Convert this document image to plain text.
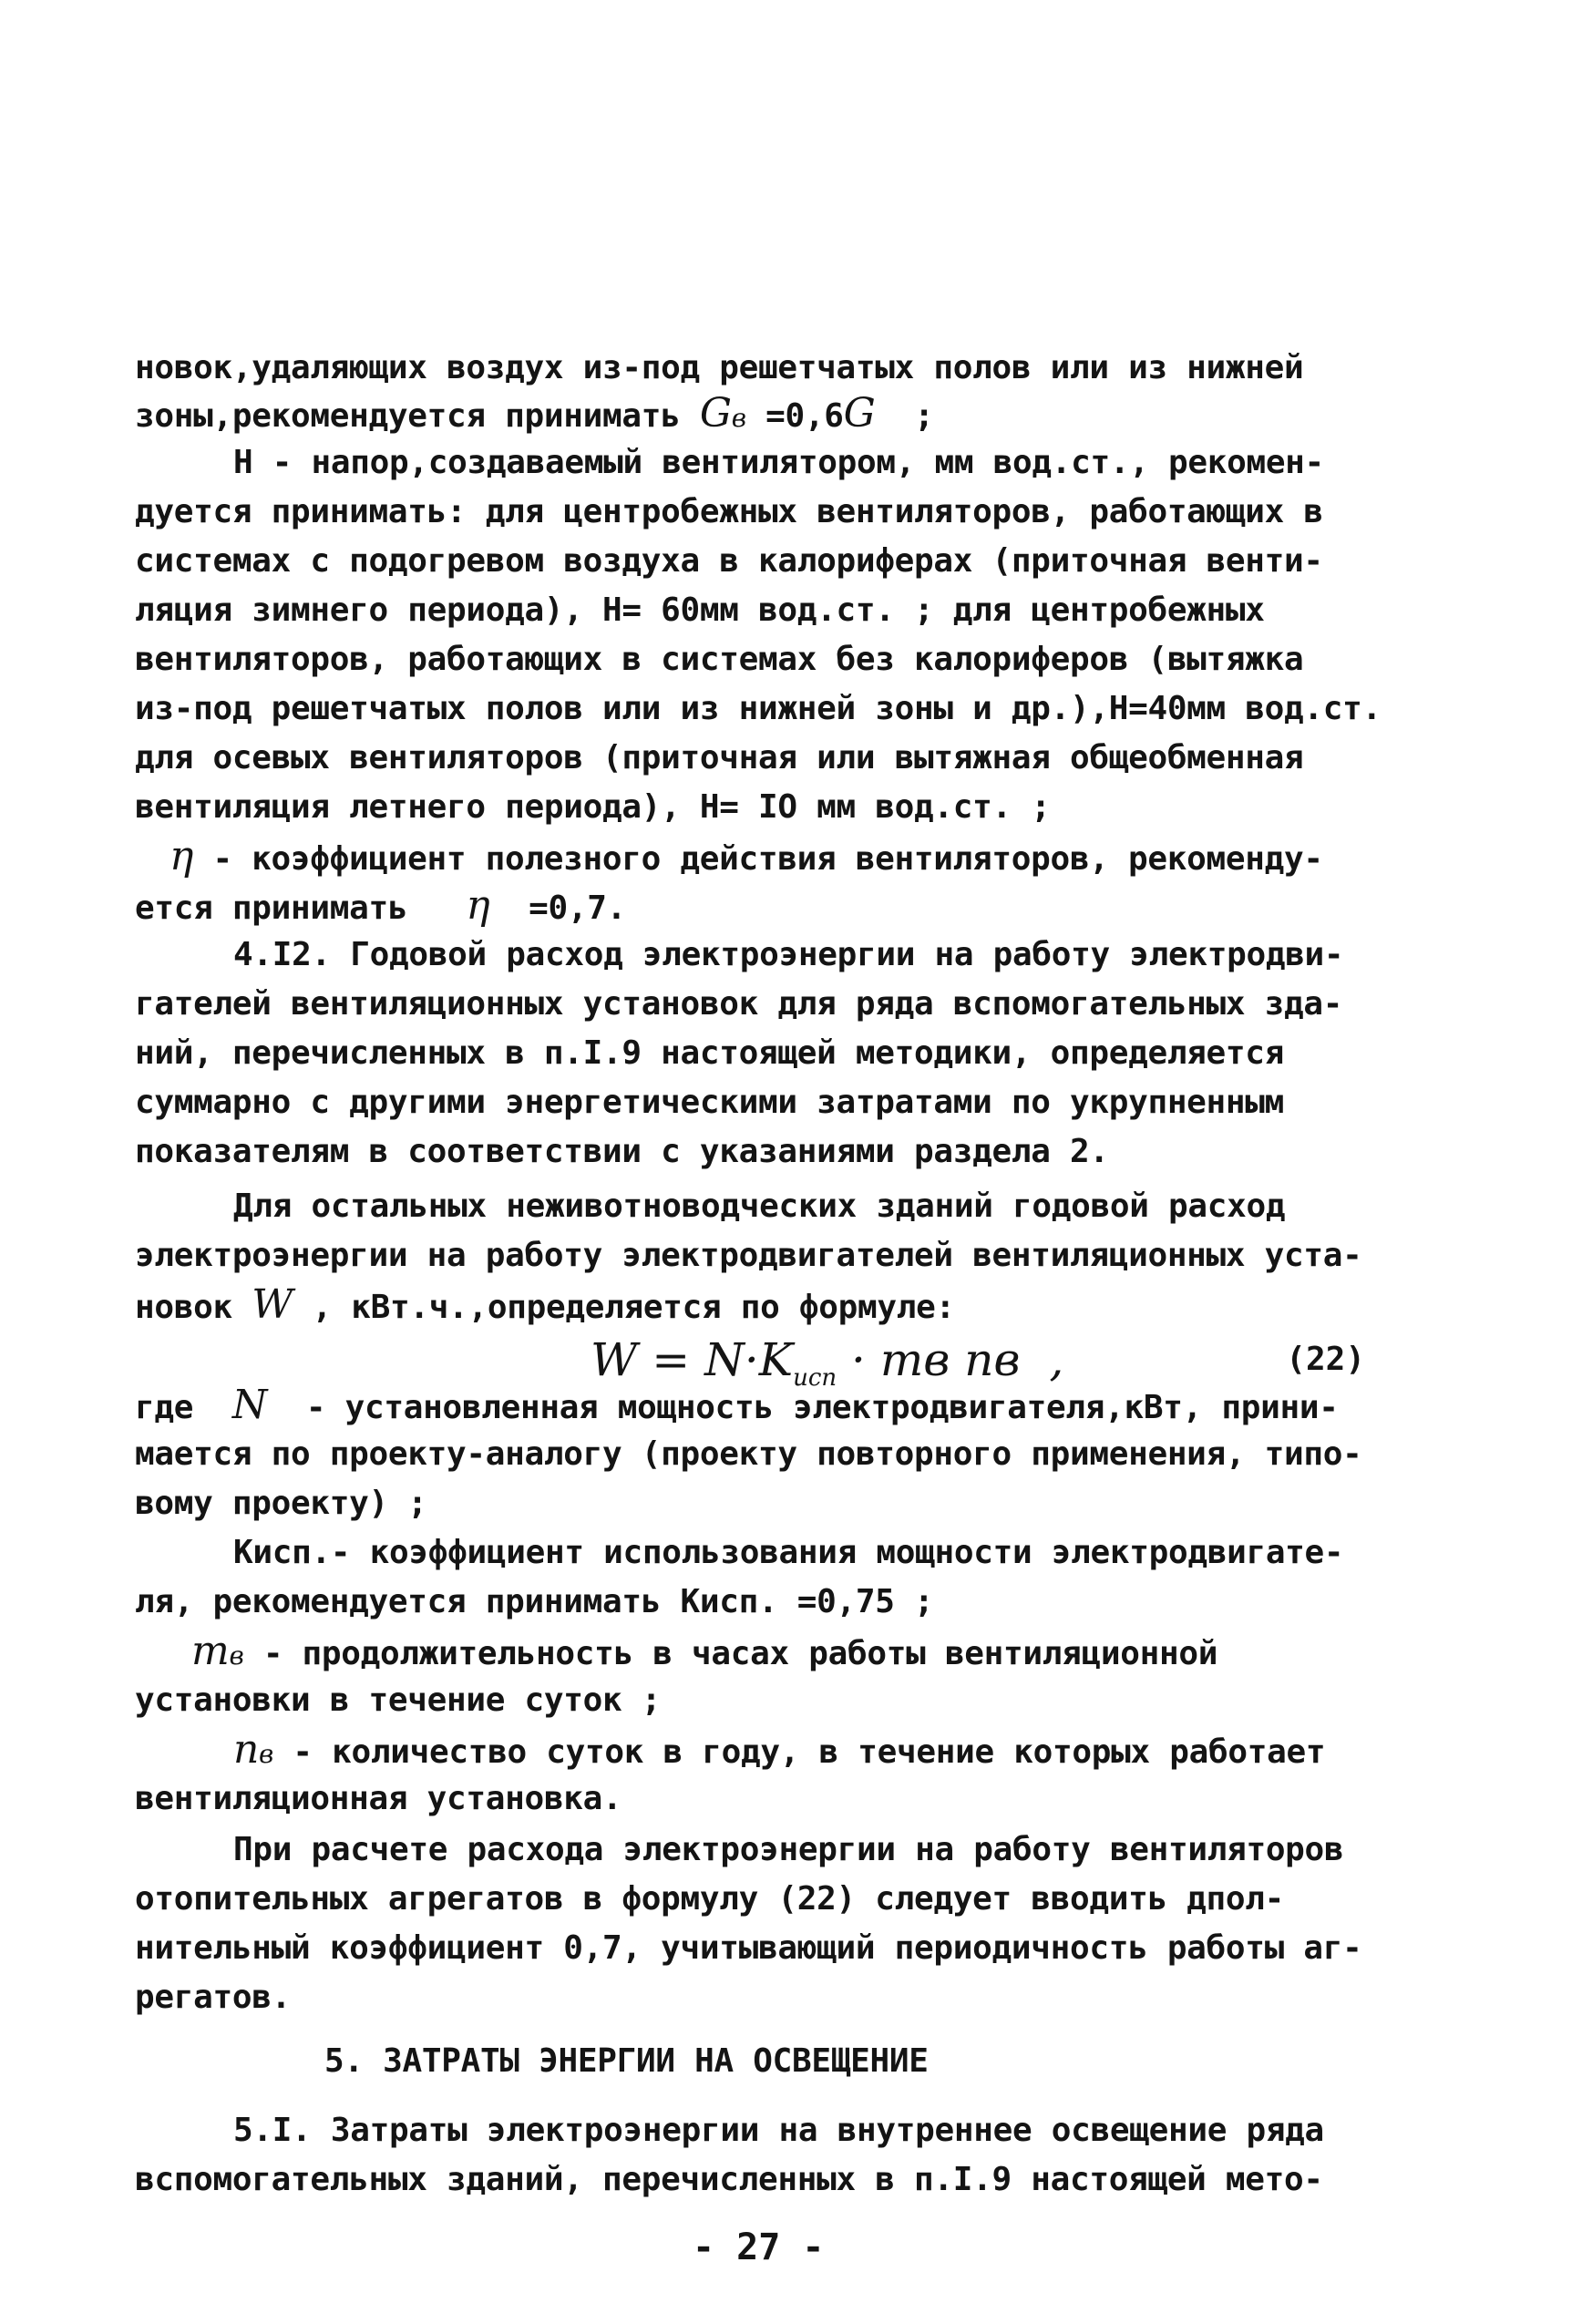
новок,удаляющих воздух из-под решетчатых полов или из нижней
зоны,рекомендуется принимать Gв =0,6G ;
Н - напор,создаваемый вентилятором, мм вод.ст., рекомен-
дуется принимать: для центробежных вентиляторов, работающих в
системах с подогревом воздуха в калориферах (приточная венти-
ляция зимнего периода), Н= 60мм вод.ст. ; для центробежных
вентиляторов, работающих в системах без калориферов (вытяжка
из-под решетчатых полов или из нижней зоны и др.),Н=40мм вод.ст.
для осевых вентиляторов (приточная или вытяжная общеобменная
вентиляция летнего периода), Н= IO мм вод.ст. ;
η - коэффициент полезного действия вентиляторов, рекоменду-
ется принимать η =0,7.
4.I2. Годовой расход электроэнергии на работу электродви-
гателей вентиляционных установок для ряда вспомогательных зда-
ний, перечисленных в п.I.9 настоящей методики, определяется
суммарно с другими энергетическими затратами по укрупненным
показателям в соответствии с указаниями раздела 2.
Для остальных неживотноводческих зданий годовой расход
электроэнергии на работу электродвигателей вентиляционных уста-
новок W , кВт.ч.,определяется по формуле:
$W = N\cdot K_{исп}$ · mв nв  ,	(22)
где N - установленная мощность электродвигателя,кВт, прини-
мается по проекту-аналогу (проекту повторного применения, типо-
вому проекту) ;
Кисп.- коэффициент использования мощности электродвигате-
ля, рекомендуется принимать Кисп. =0,75 ;
mв - продолжительность в часах работы вентиляционной
установки в течение суток ;
nв - количество суток в году, в течение которых работает
вентиляционная установка.
При расчете расхода электроэнергии на работу вентиляторов
отопительных агрегатов в формулу (22) следует вводить дпол-
нительный коэффициент 0,7, учитывающий периодичность работы аг-
регатов.
5. ЗАТРАТЫ ЭНЕРГИИ НА ОСВЕЩЕНИЕ
5.I. Затраты электроэнергии на внутреннее освещение ряда
вспомогательных зданий, перечисленных в п.I.9 настоящей мето-
- 27 -
